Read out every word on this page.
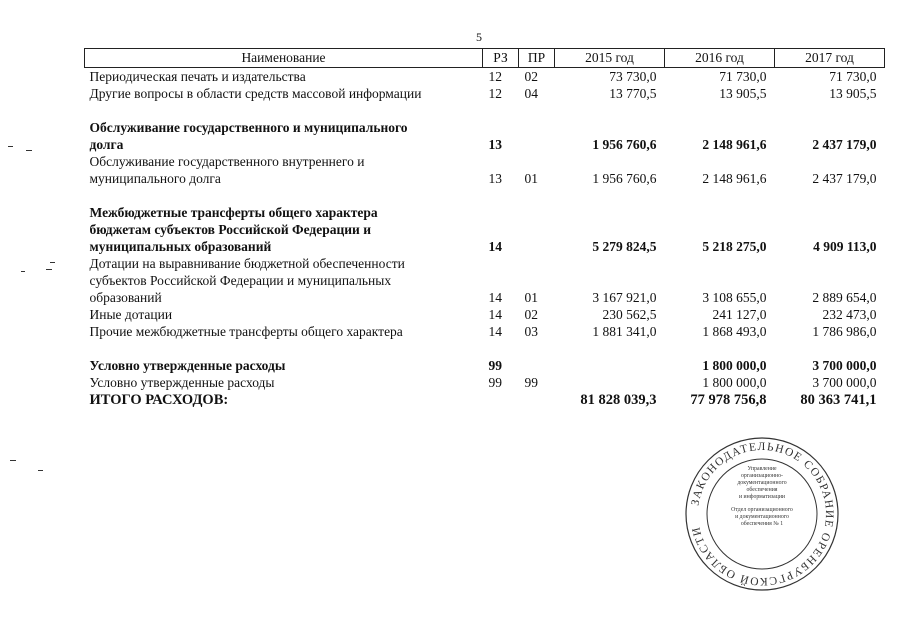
5
Наименование	РЗ	ПР	2015 год	2016 год	2017 год

Периодическая печать и издательства	12	02	73 730,0	71 730,0	71 730,0

Другие вопросы в области средств массовой информации	12	04	13 770,5	13 905,5	13 905,5

Обслуживание государственного и муниципального
долга	13		1 956 760,6	2 148 961,6	2 437 179,0

Обслуживание государственного внутреннего и
муниципального долга	13	01	1 956 760,6	2 148 961,6	2 437 179,0

Межбюджетные трансферты общего характера
бюджетам субъектов Российской Федерации и
муниципальных образований	14		5 279 824,5	5 218 275,0	4 909 113,0

Дотации на выравнивание бюджетной обеспеченности
субъектов Российской Федерации и муниципальных
образований	14	01	3 167 921,0	3 108 655,0	2 889 654,0

Иные дотации	14	02	230 562,5	241 127,0	232 473,0

Прочие межбюджетные трансферты общего характера	14	03	1 881 341,0	1 868 493,0	1 786 986,0

Условно утвержденные расходы	99			1 800 000,0	3 700 000,0

Условно утвержденные расходы	99	99		1 800 000,0	3 700 000,0

ИТОГО РАСХОДОВ:			81 828 039,3	77 978 756,8	80 363 741,1
ЗАКОНОДАТЕЛЬНОЕ СОБРАНИЕ ОРЕНБУРГСКОЙ ОБЛАСТИ
Управление
организационно-
документационного
обеспечения
и информатизации
Отдел организационного
и документационного
обеспечения № 1
